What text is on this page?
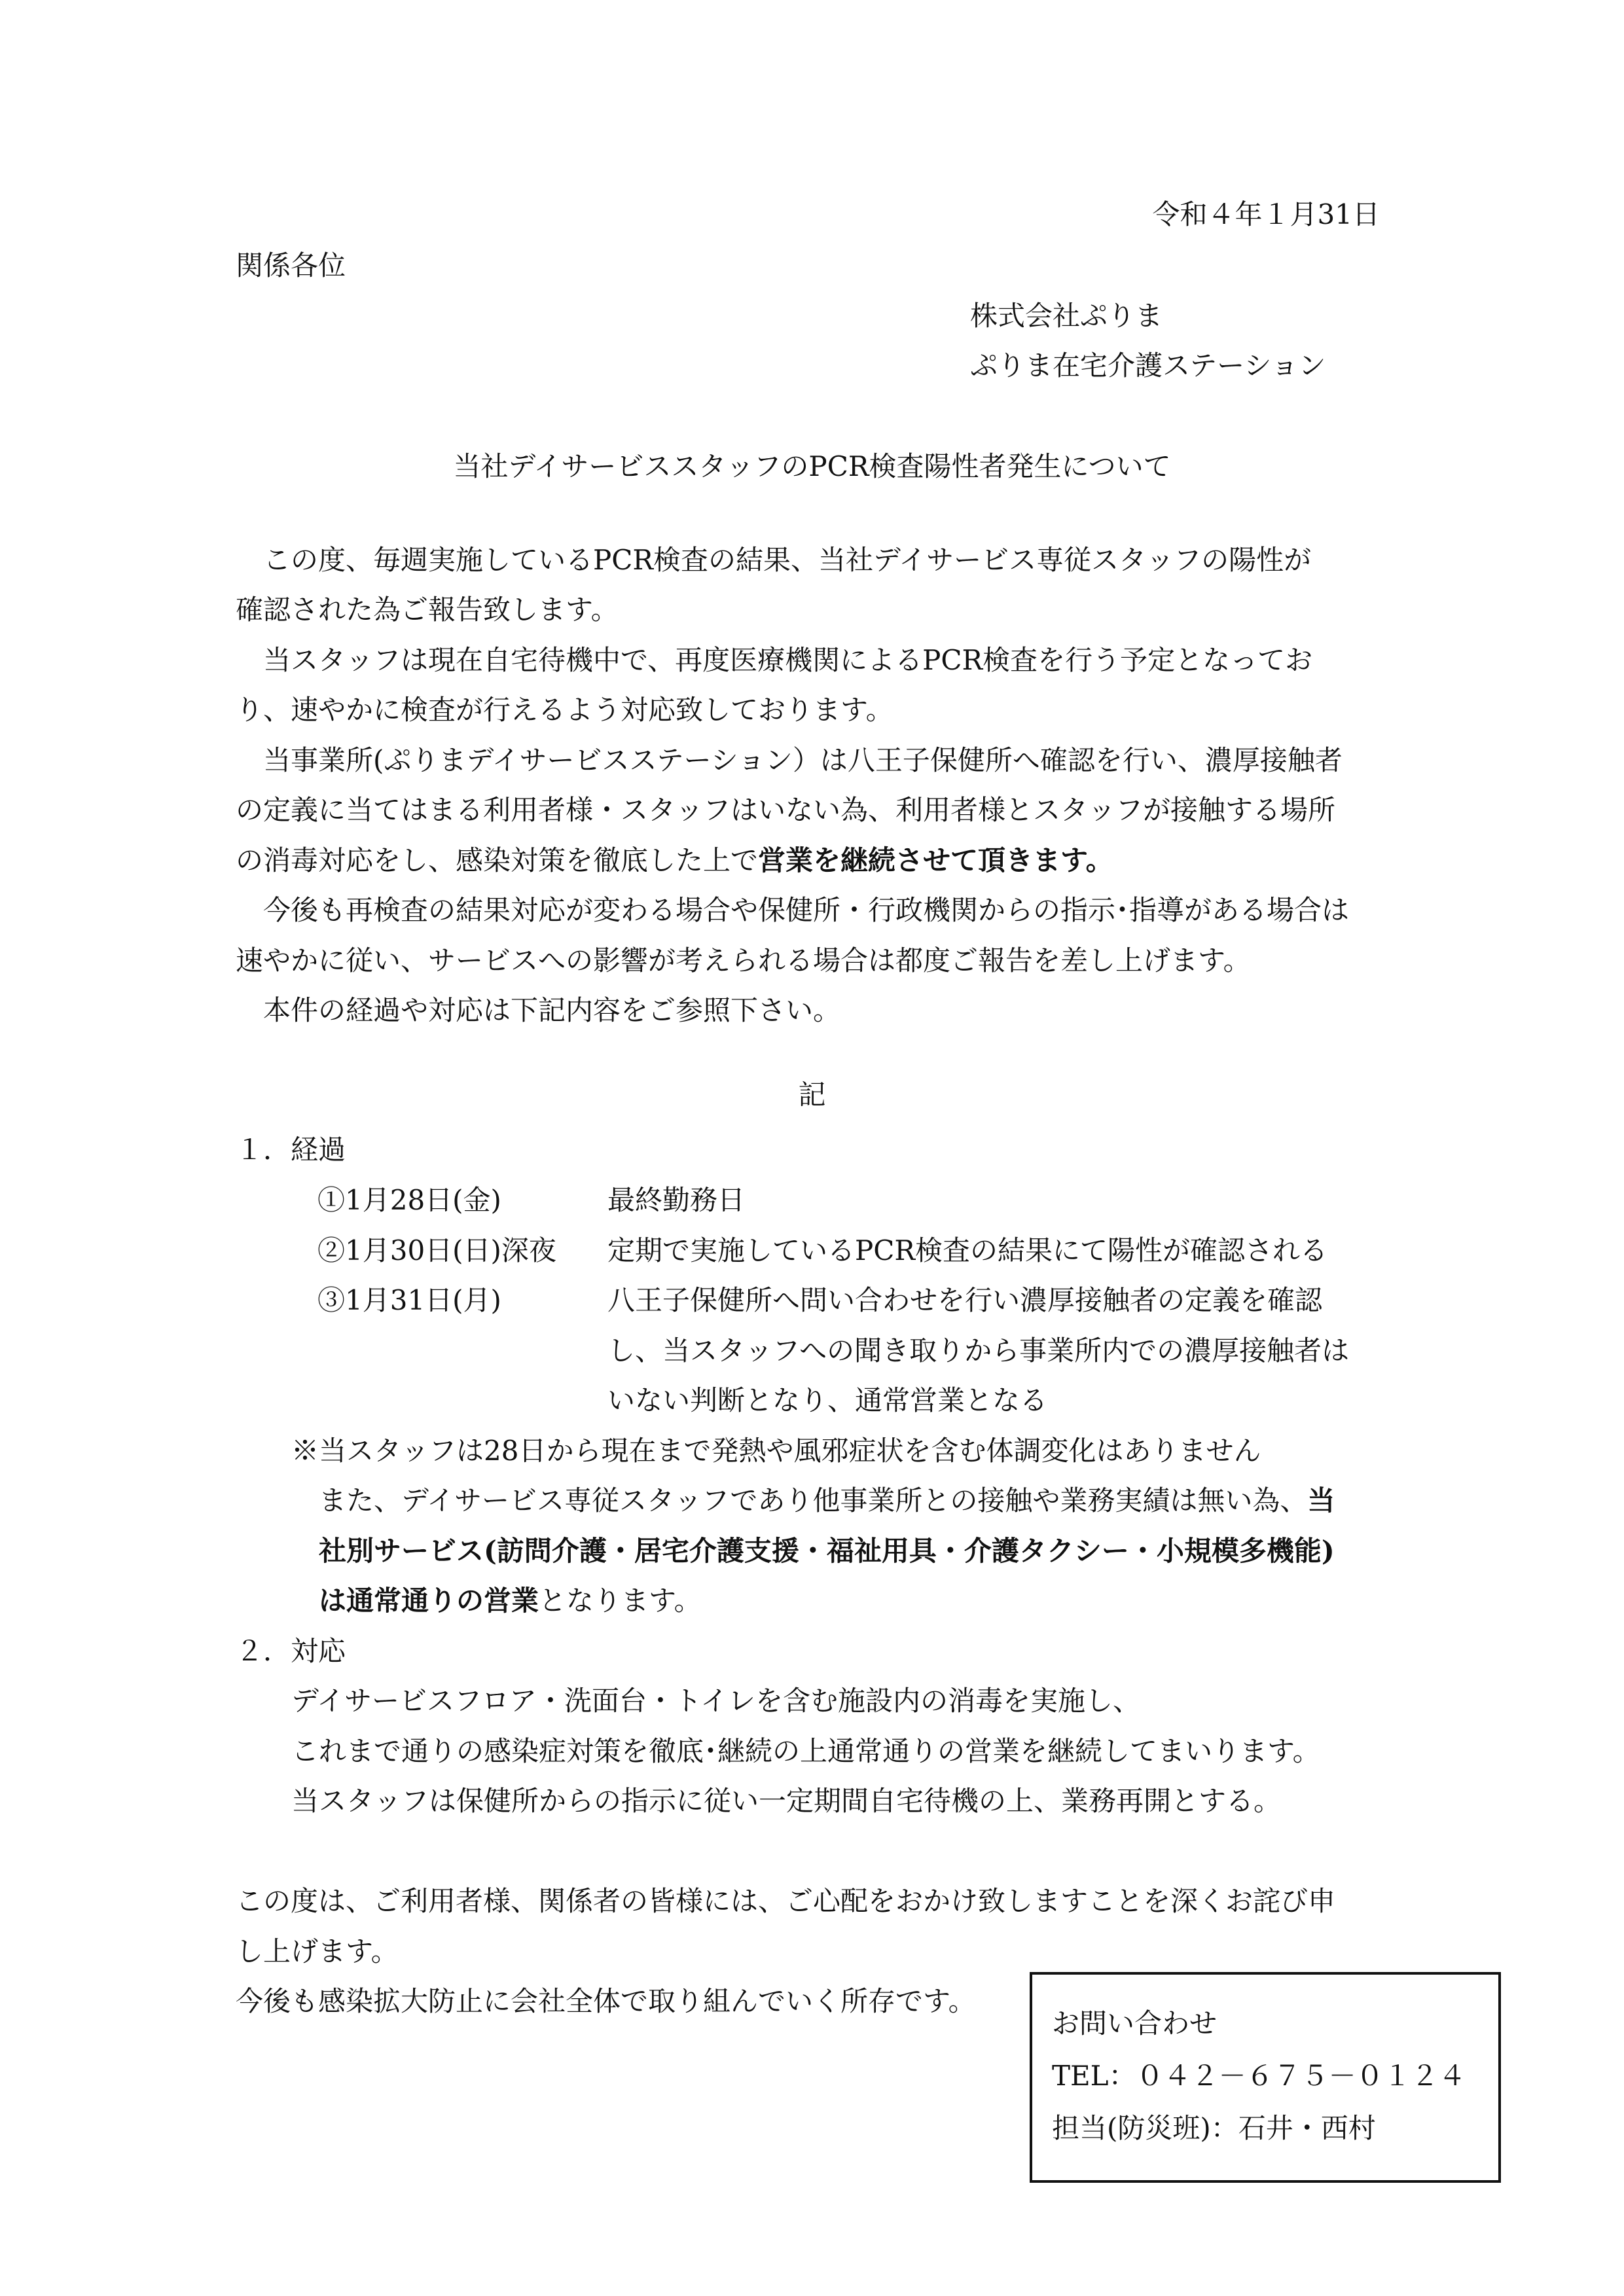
令和４年１月31日
関係各位
株式会社ぷりま
ぷりま在宅介護ステーション
当社デイサービススタッフのPCR検査陽性者発生について
この度、毎週実施しているPCR検査の結果、当社デイサービス専従スタッフの陽性が
確認された為ご報告致します。
当スタッフは現在自宅待機中で、再度医療機関によるPCR検査を行う予定となってお
り、速やかに検査が行えるよう対応致しております。
当事業所(ぷりまデイサービスステーション）は八王子保健所へ確認を行い、濃厚接触者
の定義に当てはまる利用者様・スタッフはいない為、利用者様とスタッフが接触する場所
の消毒対応をし、感染対策を徹底した上で営業を継続させて頂きます。
今後も再検査の結果対応が変わる場合や保健所・行政機関からの指示･指導がある場合は
速やかに従い、サービスへの影響が考えられる場合は都度ご報告を差し上げます。
本件の経過や対応は下記内容をご参照下さい。
記
１．経過
①1月28日(金)	最終勤務日
②1月30日(日)深夜 定期で実施しているPCR検査の結果にて陽性が確認される
③1月31日(月)	八王子保健所へ問い合わせを行い濃厚接触者の定義を確認
し、当スタッフへの聞き取りから事業所内での濃厚接触者は
いない判断となり、通常営業となる
※当スタッフは28日から現在まで発熱や風邪症状を含む体調変化はありません
また、デイサービス専従スタッフであり他事業所との接触や業務実績は無い為、当
社別サービス(訪問介護・居宅介護支援・福祉用具・介護タクシー・小規模多機能)
は通常通りの営業となります。
２．対応
デイサービスフロア・洗面台・トイレを含む施設内の消毒を実施し、
これまで通りの感染症対策を徹底･継続の上通常通りの営業を継続してまいります。
当スタッフは保健所からの指示に従い一定期間自宅待機の上、業務再開とする。
この度は、ご利用者様、関係者の皆様には、ご心配をおかけ致しますことを深くお詫び申
し上げます。
今後も感染拡大防止に会社全体で取り組んでいく所存です。
お問い合わせ
TEL：０４２－６７５－０１２４
担当(防災班)：石井・西村
